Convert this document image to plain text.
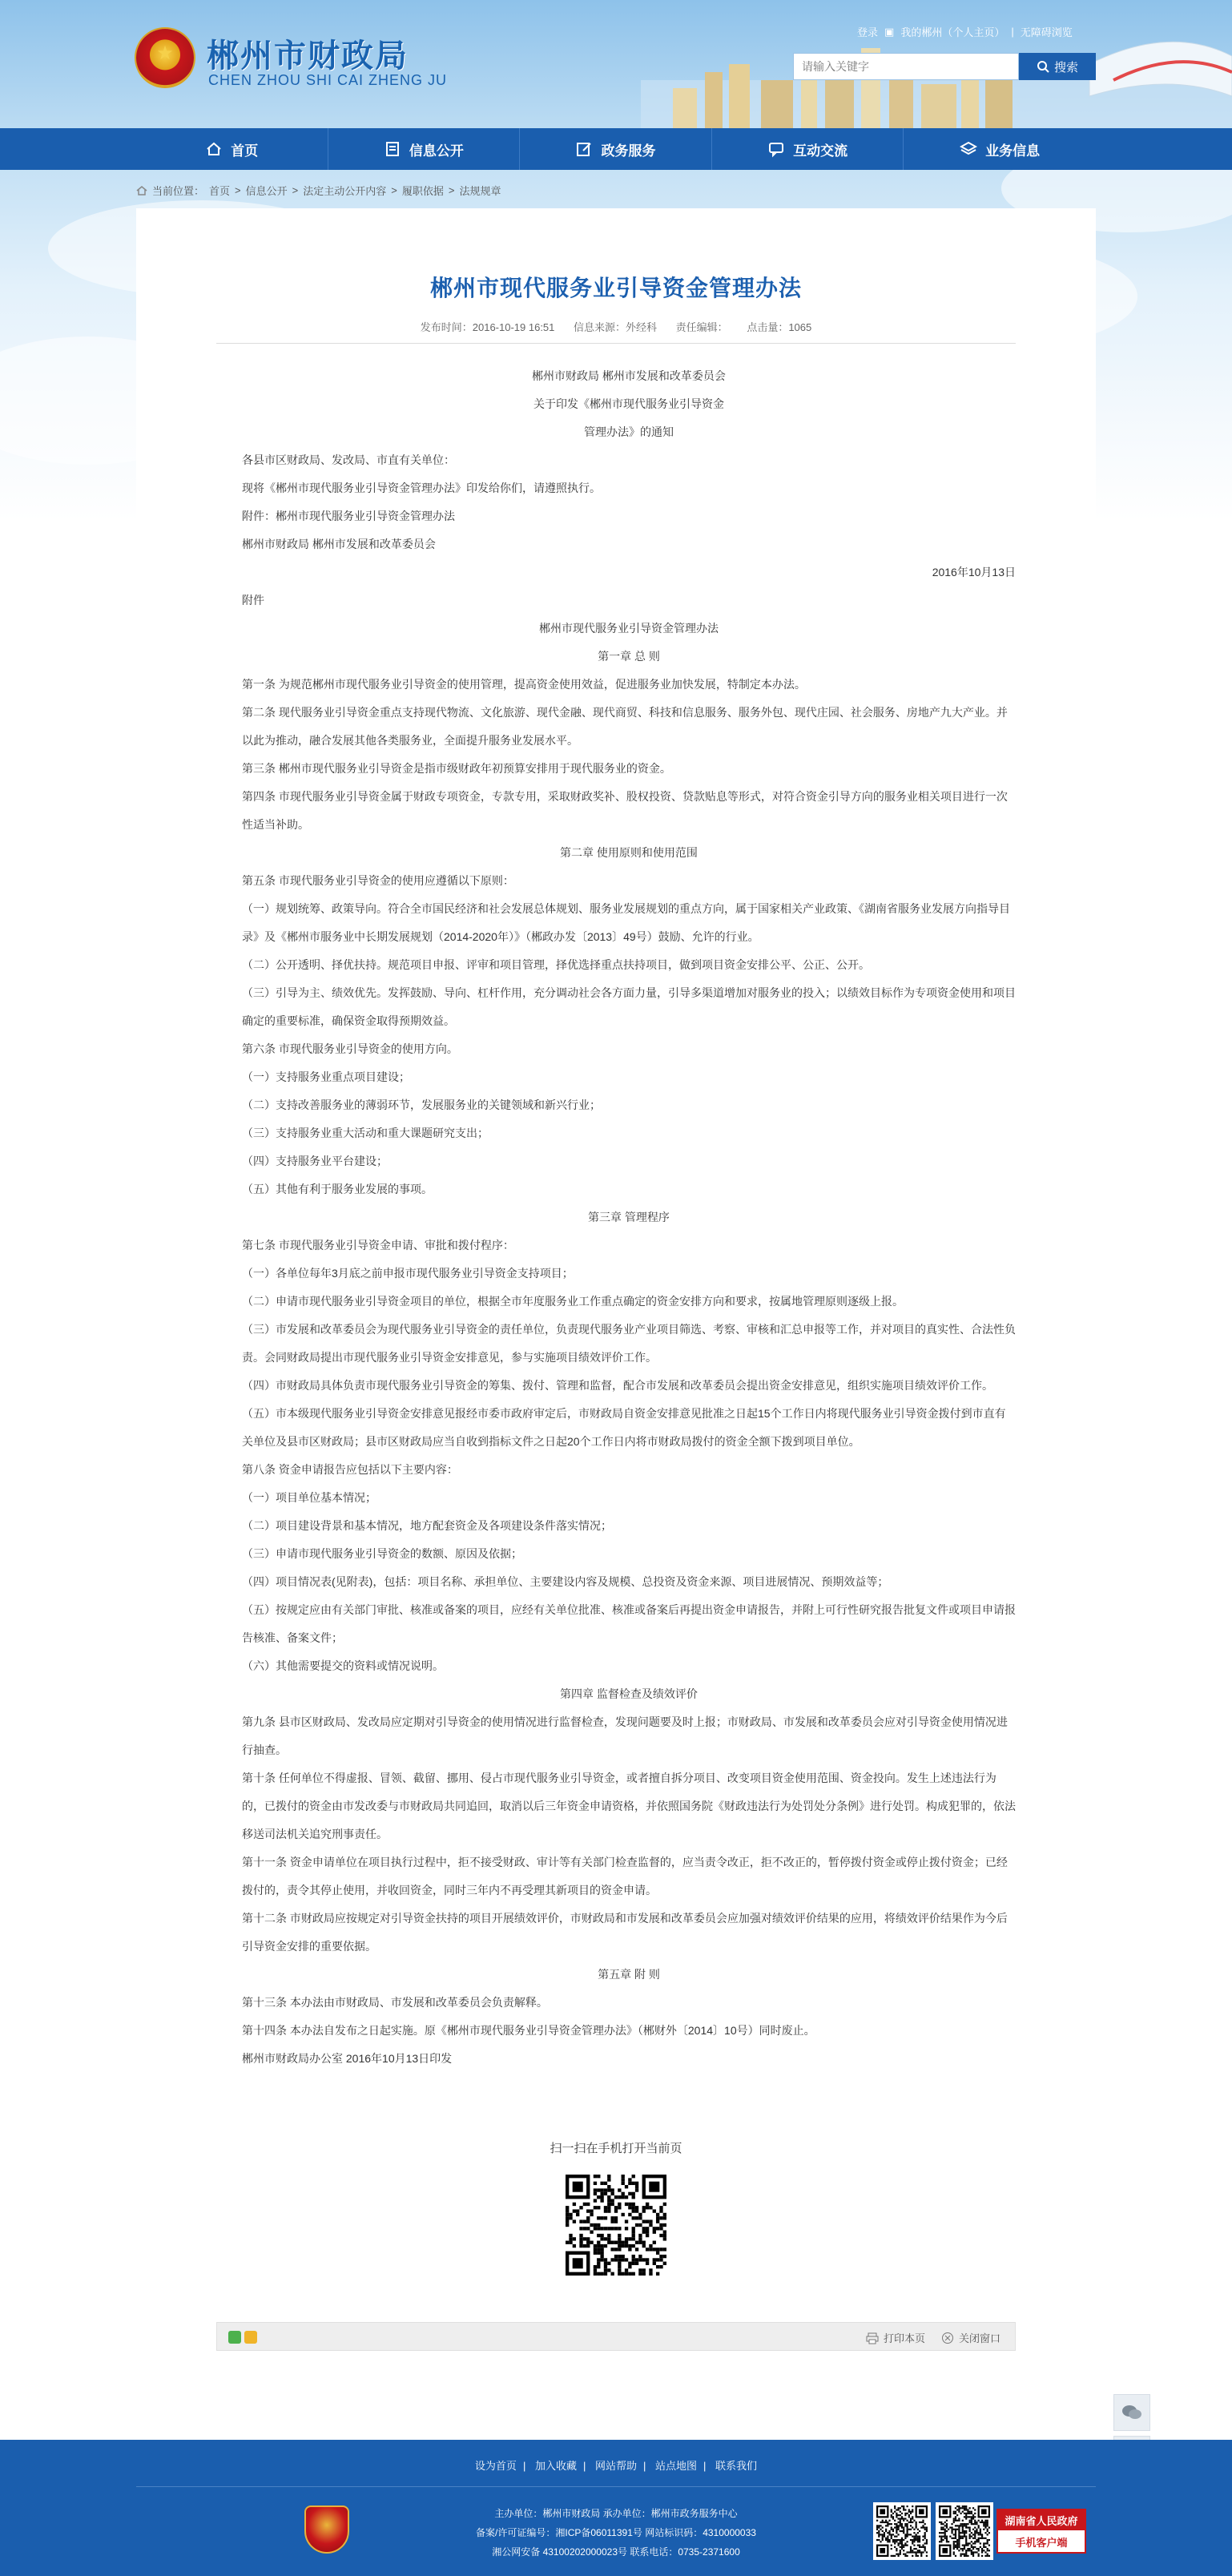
★
郴州市财政局
CHEN ZHOU SHI CAI ZHENG JU
登录 ▣ 我的郴州（个人主页） | 无障碍浏览
请输入关键字
搜索
首页	信息公开	政务服务	互动交流	业务信息
当前位置： 首页 > 信息公开 > 法定主动公开内容 > 履职依据 > 法规规章
郴州市现代服务业引导资金管理办法
发布时间：2016-10-19 16:51 信息来源：外经科 责任编辑： 点击量：1065

郴州市财政局 郴州市发展和改革委员会

关于印发《郴州市现代服务业引导资金

管理办法》的通知

各县市区财政局、发改局、市直有关单位：

现将《郴州市现代服务业引导资金管理办法》印发给你们，请遵照执行。

附件：郴州市现代服务业引导资金管理办法

郴州市财政局 郴州市发展和改革委员会

2016年10月13日

附件

郴州市现代服务业引导资金管理办法

第一章 总 则

第一条 为规范郴州市现代服务业引导资金的使用管理，提高资金使用效益，促进服务业加快发展，特制定本办法。

第二条 现代服务业引导资金重点支持现代物流、文化旅游、现代金融、现代商贸、科技和信息服务、服务外包、现代庄园、社会服务、房地产九大产业。并以此为推动，融合发展其他各类服务业，全面提升服务业发展水平。

第三条 郴州市现代服务业引导资金是指市级财政年初预算安排用于现代服务业的资金。

第四条 市现代服务业引导资金属于财政专项资金，专款专用，采取财政奖补、股权投资、贷款贴息等形式，对符合资金引导方向的服务业相关项目进行一次性适当补助。

第二章 使用原则和使用范围

第五条 市现代服务业引导资金的使用应遵循以下原则：

（一）规划统筹、政策导向。符合全市国民经济和社会发展总体规划、服务业发展规划的重点方向，属于国家相关产业政策、《湖南省服务业发展方向指导目录》及《郴州市服务业中长期发展规划（2014-2020年）》（郴政办发〔2013〕49号）鼓励、允许的行业。

（二）公开透明、择优扶持。规范项目申报、评审和项目管理，择优选择重点扶持项目，做到项目资金安排公平、公正、公开。

（三）引导为主、绩效优先。发挥鼓励、导向、杠杆作用，充分调动社会各方面力量，引导多渠道增加对服务业的投入；以绩效目标作为专项资金使用和项目确定的重要标准，确保资金取得预期效益。

第六条 市现代服务业引导资金的使用方向。

（一）支持服务业重点项目建设；

（二）支持改善服务业的薄弱环节，发展服务业的关键领域和新兴行业；

（三）支持服务业重大活动和重大课题研究支出；

（四）支持服务业平台建设；

（五）其他有利于服务业发展的事项。

第三章 管理程序

第七条 市现代服务业引导资金申请、审批和拨付程序：

（一）各单位每年3月底之前申报市现代服务业引导资金支持项目；

（二）申请市现代服务业引导资金项目的单位，根据全市年度服务业工作重点确定的资金安排方向和要求，按属地管理原则逐级上报。

（三）市发展和改革委员会为现代服务业引导资金的责任单位，负责现代服务业产业项目筛选、考察、审核和汇总申报等工作，并对项目的真实性、合法性负责。会同财政局提出市现代服务业引导资金安排意见，参与实施项目绩效评价工作。

（四）市财政局具体负责市现代服务业引导资金的筹集、拨付、管理和监督，配合市发展和改革委员会提出资金安排意见，组织实施项目绩效评价工作。

（五）市本级现代服务业引导资金安排意见报经市委市政府审定后，市财政局自资金安排意见批准之日起15个工作日内将现代服务业引导资金拨付到市直有关单位及县市区财政局；县市区财政局应当自收到指标文件之日起20个工作日内将市财政局拨付的资金全额下拨到项目单位。

第八条 资金申请报告应包括以下主要内容：

（一）项目单位基本情况；

（二）项目建设背景和基本情况，地方配套资金及各项建设条件落实情况；

（三）申请市现代服务业引导资金的数额、原因及依据；

（四）项目情况表(见附表)，包括：项目名称、承担单位、主要建设内容及规模、总投资及资金来源、项目进展情况、预期效益等；

（五）按规定应由有关部门审批、核准或备案的项目，应经有关单位批准、核准或备案后再提出资金申请报告，并附上可行性研究报告批复文件或项目申请报告核准、备案文件；

（六）其他需要提交的资料或情况说明。

第四章 监督检查及绩效评价

第九条 县市区财政局、发改局应定期对引导资金的使用情况进行监督检查，发现问题要及时上报；市财政局、市发展和改革委员会应对引导资金使用情况进行抽查。

第十条 任何单位不得虚报、冒领、截留、挪用、侵占市现代服务业引导资金，或者擅自拆分项目、改变项目资金使用范围、资金投向。发生上述违法行为的，已拨付的资金由市发改委与市财政局共同追回，取消以后三年资金申请资格，并依照国务院《财政违法行为处罚处分条例》进行处罚。构成犯罪的，依法移送司法机关追究刑事责任。

第十一条 资金申请单位在项目执行过程中，拒不接受财政、审计等有关部门检查监督的，应当责令改正，拒不改正的，暂停拨付资金或停止拨付资金；已经拨付的，责令其停止使用，并收回资金，同时三年内不再受理其新项目的资金申请。

第十二条 市财政局应按规定对引导资金扶持的项目开展绩效评价，市财政局和市发展和改革委员会应加强对绩效评价结果的应用，将绩效评价结果作为今后引导资金安排的重要依据。

第五章 附 则

第十三条 本办法由市财政局、市发展和改革委员会负责解释。

第十四条 本办法自发布之日起实施。原《郴州市现代服务业引导资金管理办法》（郴财外〔2014〕10号）同时废止。

郴州市财政局办公室 2016年10月13日印发

扫一扫在手机打开当前页
打印本页	关闭窗口
设为首页 | 加入收藏 | 网站帮助 | 站点地图 | 联系我们
主办单位：郴州市财政局 承办单位：郴州市政务服务中心
备案/许可证编号：湘ICP备06011391号 网站标识码：4310000033
湘公网安备 43100202000023号 联系电话：0735-2371600
湖南省人民政府
手机客户端
